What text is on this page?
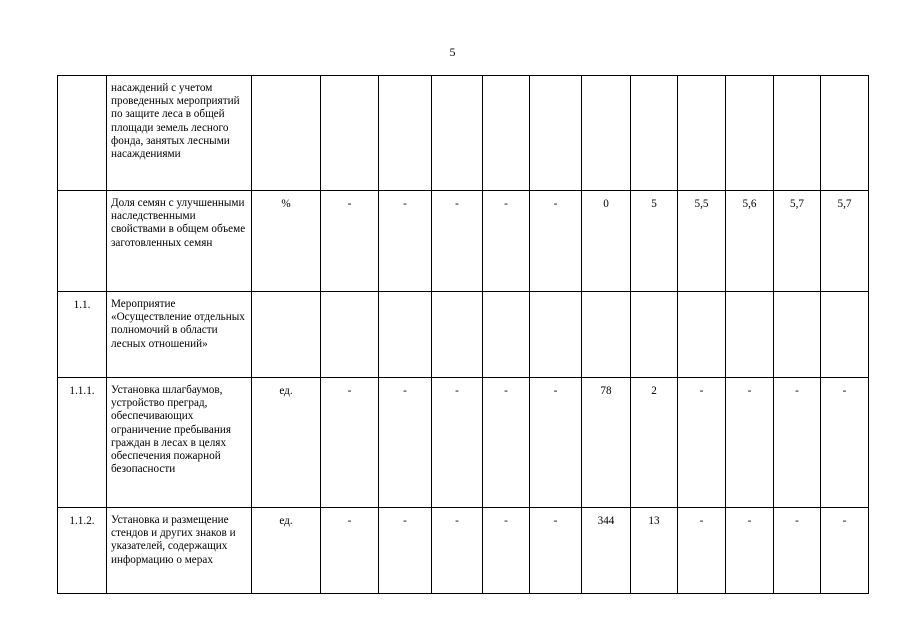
5
	насаждений с учетом проведенных мероприятий по защите леса в общей площади земель лесного фонда, занятых лесными насаждениями												
	Доля семян с улучшенными наследственными свойствами в общем объеме заготовленных семян	%	-	-	-	-	-	0	5	5,5	5,6	5,7	5,7
1.1.	Мероприятие «Осуществление отдельных полномочий в области лесных отношений»												
1.1.1.	Установка шлагбаумов, устройство преград, обеспечивающих ограничение пребывания граждан в лесах в целях обеспечения пожарной безопасности	ед.	-	-	-	-	-	78	2	-	-	-	-
1.1.2.	Установка и размещение стендов и других знаков и указателей, содержащих информацию о мерах	ед.	-	-	-	-	-	344	13	-	-	-	-
